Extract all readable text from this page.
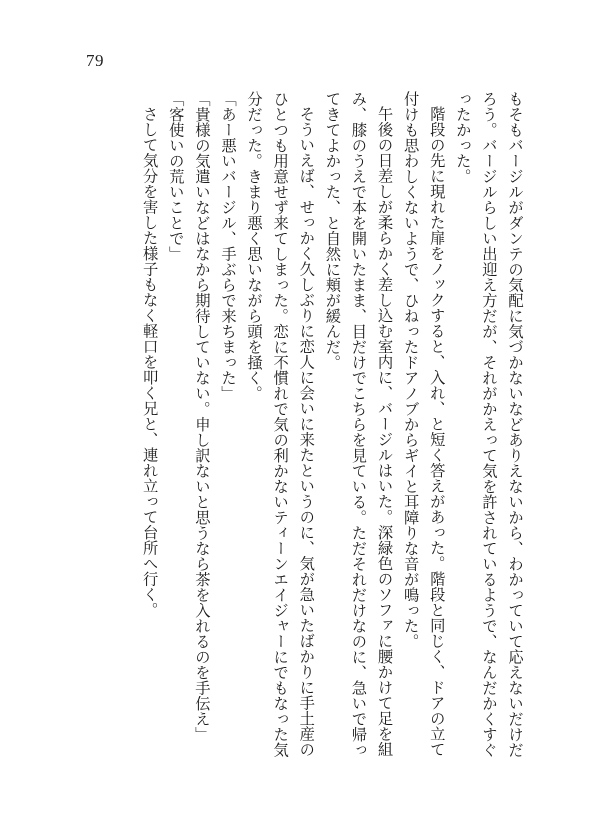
79

もそもバージルがダンテの気配に気づかないなどありえないから、わかっていて応えないだけだろう。バージルらしい出迎え方だが、それがかえって気を許されているようで、なんだかくすぐったかった。

階段の先に現れた扉をノックすると、入れ、と短く答えがあった。階段と同じく、ドアの立て付けも思わしくないようで、ひねったドアノブからギイと耳障りな音が鳴った。

午後の日差しが柔らかく差し込む室内に、バージルはいた。深緑色のソファに腰かけて足を組み、膝のうえで本を開いたまま、目だけでこちらを見ている。ただそれだけなのに、急いで帰ってきてよかった、と自然に頬が緩んだ。

そういえば、せっかく久しぶりに恋人に会いに来たというのに、気が急いたばかりに手土産のひとつも用意せず来てしまった。恋に不慣れで気の利かないティーンエイジャーにでもなった気分だった。きまり悪く思いながら頭を掻く。

「あー悪いバージル、手ぶらで来ちまった」

「貴様の気遣いなどはなから期待していない。申し訳ないと思うなら茶を入れるのを手伝え」

「客使いの荒いことで」

さして気分を害した様子もなく軽口を叩く兄と、連れ立って台所へ行く。
